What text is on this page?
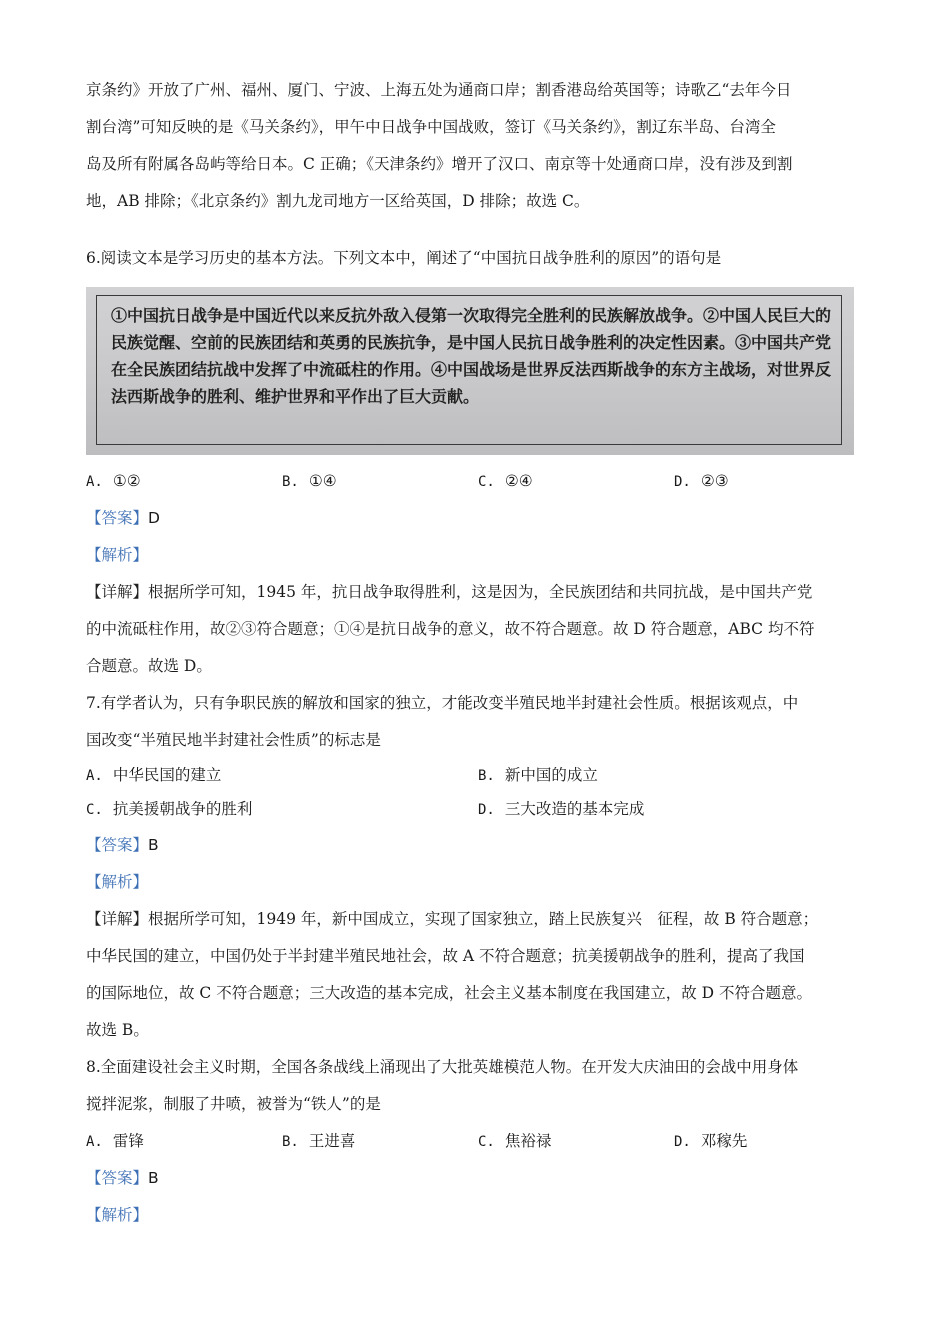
京条约》开放了广州、福州、厦门、宁波、上海五处为通商口岸；割香港岛给英国等；诗歌乙“去年今日
割台湾”可知反映的是《马关条约》，甲午中日战争中国战败，签订《马关条约》，割辽东半岛、台湾全
岛及所有附属各岛屿等给日本。C 正确；《天津条约》增开了汉口、南京等十处通商口岸，没有涉及到割
地，AB 排除；《北京条约》割九龙司地方一区给英国，D 排除；故选 C。
6.阅读文本是学习历史的基本方法。下列文本中，阐述了“中国抗日战争胜利的原因”的语句是
①中国抗日战争是中国近代以来反抗外敌入侵第一次取得完全胜利的民族解放战争。②中国人民巨大的民族觉醒、空前的民族团结和英勇的民族抗争，是中国人民抗日战争胜利的决定性因素。③中国共产党在全民族团结抗战中发挥了中流砥柱的作用。④中国战场是世界反法西斯战争的东方主战场，对世界反法西斯战争的胜利、维护世界和平作出了巨大贡献。
A. ①②	B. ①④	C. ②④	D. ②③
【答案】D
【解析】
【详解】根据所学可知，1945 年，抗日战争取得胜利，这是因为，全民族团结和共同抗战，是中国共产党
的中流砥柱作用，故②③符合题意；①④是抗日战争的意义，故不符合题意。故 D 符合题意，ABC 均不符
合题意。故选 D。
7.有学者认为，只有争职民族的解放和国家的独立，才能改变半殖民地半封建社会性质。根据该观点，中
国改变“半殖民地半封建社会性质”的标志是
A. 中华民国的建立	B. 新中国的成立
C. 抗美援朝战争的胜利	D. 三大改造的基本完成
【答案】B
【解析】
【详解】根据所学可知，1949 年，新中国成立，实现了国家独立，踏上民族复兴　征程，故 B 符合题意；
中华民国的建立，中国仍处于半封建半殖民地社会，故 A 不符合题意；抗美援朝战争的胜利，提高了我国
的国际地位，故 C 不符合题意；三大改造的基本完成，社会主义基本制度在我国建立，故 D 不符合题意。
故选 B。
8.全面建设社会主义时期，全国各条战线上涌现出了大批英雄模范人物。在开发大庆油田的会战中用身体
搅拌泥浆，制服了井喷，被誉为“铁人”的是
A. 雷锋	B. 王进喜	C. 焦裕禄	D. 邓稼先
【答案】B
【解析】
